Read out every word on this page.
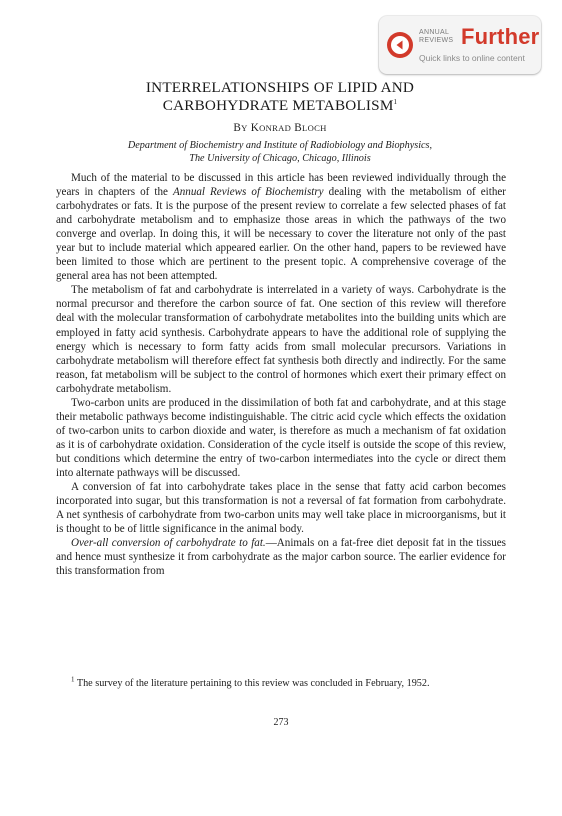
ANNUAL
REVIEWS Further
Quick links to online content
INTERRELATIONSHIPS OF LIPID AND
CARBOHYDRATE METABOLISM$^1$
BY KONRAD BLOCH
Department of Biochemistry and Institute of Radiobiology and Biophysics,
The University of Chicago, Chicago, Illinois

Much of the material to be discussed in this article has been reviewed individually through the years in chapters of the Annual Reviews of Biochemistry dealing with the metabolism of either carbohydrates or fats. It is the purpose of the present review to correlate a few selected phases of fat and carbohydrate metabolism and to emphasize those areas in which the pathways of the two converge and overlap. In doing this, it will be necessary to cover the literature not only of the past year but to include material which appeared earlier. On the other hand, papers to be reviewed have been limited to those which are pertinent to the present topic. A comprehensive coverage of the general area has not been attempted.

The metabolism of fat and carbohydrate is interrelated in a variety of ways. Carbohydrate is the normal precursor and therefore the carbon source of fat. One section of this review will therefore deal with the molecular transformation of carbohydrate metabolites into the building units which are employed in fatty acid synthesis. Carbohydrate appears to have the additional role of supplying the energy which is necessary to form fatty acids from small molecular precursors. Variations in carbohydrate metabolism will therefore effect fat synthesis both directly and indirectly. For the same reason, fat metabolism will be subject to the control of hormones which exert their primary effect on carbohydrate metabolism.

Two-carbon units are produced in the dissimilation of both fat and carbohydrate, and at this stage their metabolic pathways become indistinguishable. The citric acid cycle which effects the oxidation of two-carbon units to carbon dioxide and water, is therefore as much a mechanism of fat oxidation as it is of carbohydrate oxidation. Consideration of the cycle itself is outside the scope of this review, but conditions which determine the entry of two-carbon intermediates into the cycle or direct them into alternate pathways will be discussed.

A conversion of fat into carbohydrate takes place in the sense that fatty acid carbon becomes incorporated into sugar, but this transformation is not a reversal of fat formation from carbohydrate. A net synthesis of carbohydrate from two-carbon units may well take place in microorganisms, but it is thought to be of little significance in the animal body.

Over-all conversion of carbohydrate to fat.—Animals on a fat-free diet deposit fat in the tissues and hence must synthesize it from carbohydrate as the major carbon source. The earlier evidence for this transformation from

$^1$ The survey of the literature pertaining to this review was concluded in February, 1952.

273
